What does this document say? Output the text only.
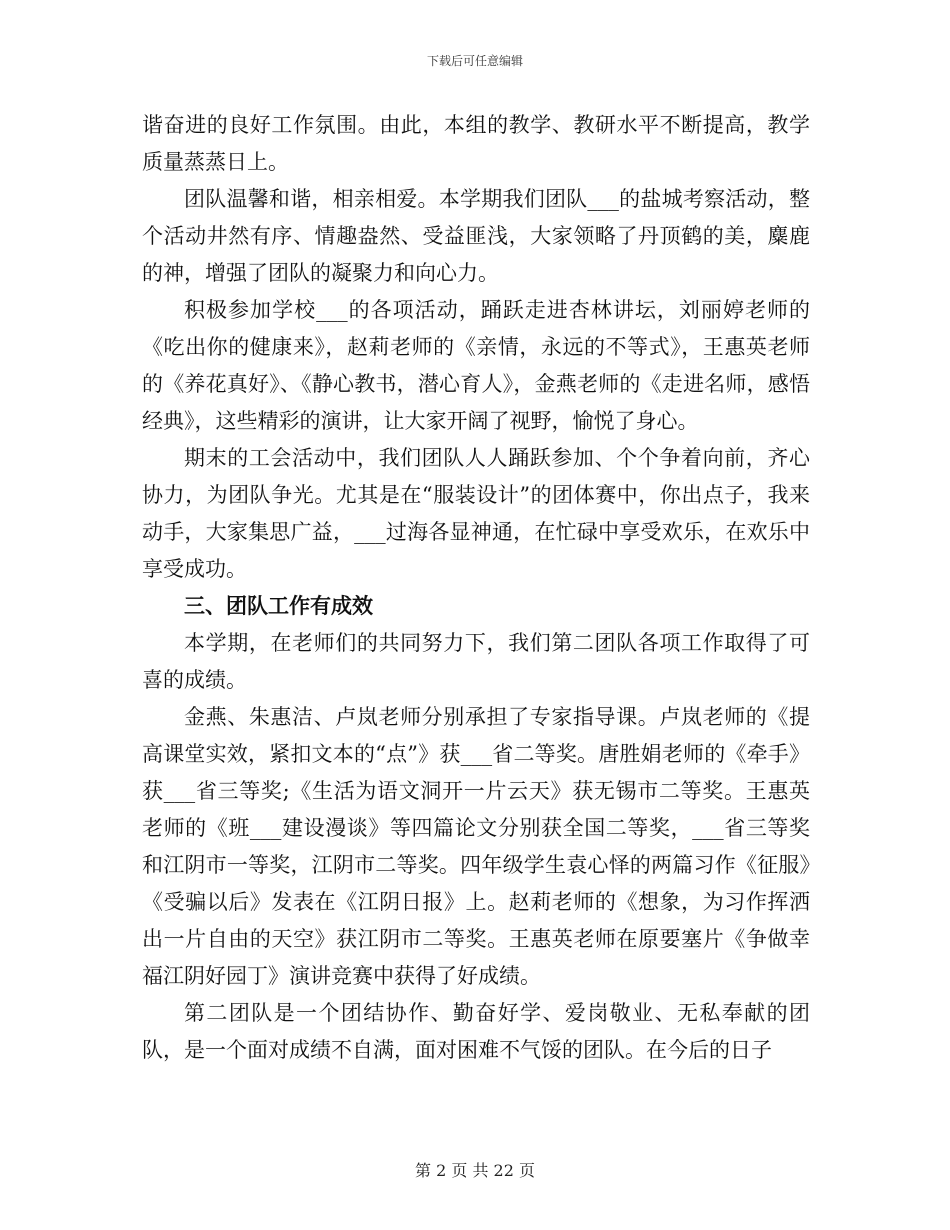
下载后可任意编辑

谐奋进的良好工作氛围。由此，本组的教学、教研水平不断提高，教学质量蒸蒸日上。

团队温馨和谐，相亲相爱。本学期我们团队___的盐城考察活动，整个活动井然有序、情趣盎然、受益匪浅，大家领略了丹顶鹤的美，麋鹿的神，增强了团队的凝聚力和向心力。

积极参加学校___的各项活动，踊跃走进杏林讲坛，刘丽婷老师的《吃出你的健康来》，赵莉老师的《亲情，永远的不等式》，王惠英老师的《养花真好》、《静心教书，潜心育人》，金燕老师的《走进名师，感悟经典》，这些精彩的演讲，让大家开阔了视野，愉悦了身心。

期末的工会活动中，我们团队人人踊跃参加、个个争着向前，齐心协力，为团队争光。尤其是在“服装设计”的团体赛中，你出点子，我来动手，大家集思广益，___过海各显神通，在忙碌中享受欢乐，在欢乐中享受成功。

三、团队工作有成效

本学期，在老师们的共同努力下，我们第二团队各项工作取得了可喜的成绩。

金燕、朱惠洁、卢岚老师分别承担了专家指导课。卢岚老师的《提高课堂实效，紧扣文本的“点”》获___省二等奖。唐胜娟老师的《牵手》获___省三等奖;《生活为语文洞开一片云天》获无锡市二等奖。王惠英老师的《班___建设漫谈》等四篇论文分别获全国二等奖，___省三等奖和江阴市一等奖，江阴市二等奖。四年级学生袁心怿的两篇习作《征服》《受骗以后》发表在《江阴日报》上。赵莉老师的《想象，为习作挥洒出一片自由的天空》获江阴市二等奖。王惠英老师在原要塞片《争做幸福江阴好园丁》演讲竞赛中获得了好成绩。

第二团队是一个团结协作、勤奋好学、爱岗敬业、无私奉献的团队，是一个面对成绩不自满，面对困难不气馁的团队。在今后的日子

第 2 页 共 22 页
